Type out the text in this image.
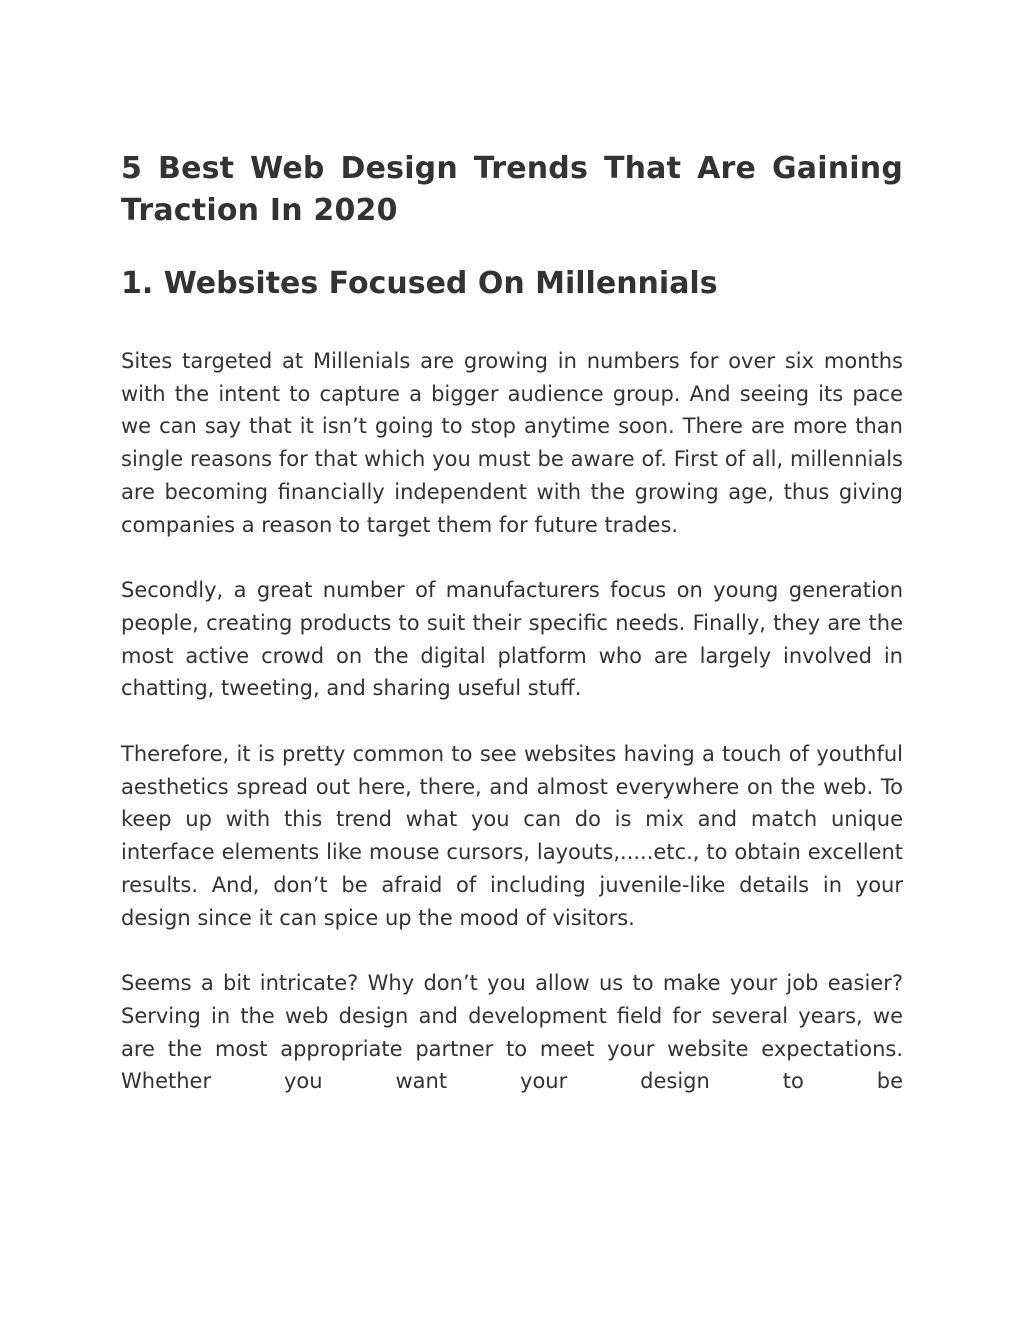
5 Best Web Design Trends That Are Gaining Traction In 2020
1. Websites Focused On Millennials

Sites targeted at Millenials are growing in numbers for over six months with the intent to capture a bigger audience group. And seeing its pace we can say that it isn’t going to stop anytime soon. There are more than single reasons for that which you must be aware of. First of all, millennials are becoming financially independent with the growing age, thus giving companies a reason to target them for future trades.

Secondly, a great number of manufacturers focus on young generation people, creating products to suit their specific needs. Finally, they are the most active crowd on the digital platform who are largely involved in chatting, tweeting, and sharing useful stuff.

Therefore, it is pretty common to see websites having a touch of youthful aesthetics spread out here, there, and almost everywhere on the web. To keep up with this trend what you can do is mix and match unique interface elements like mouse cursors, layouts,.....etc., to obtain excellent results. And, don’t be afraid of including juvenile-like details in your design since it can spice up the mood of visitors.

Seems a bit intricate? Why don’t you allow us to make your job easier? Serving in the web design and development field for several years, we are the most appropriate partner to meet your website expectations. Whether you want your design to be
